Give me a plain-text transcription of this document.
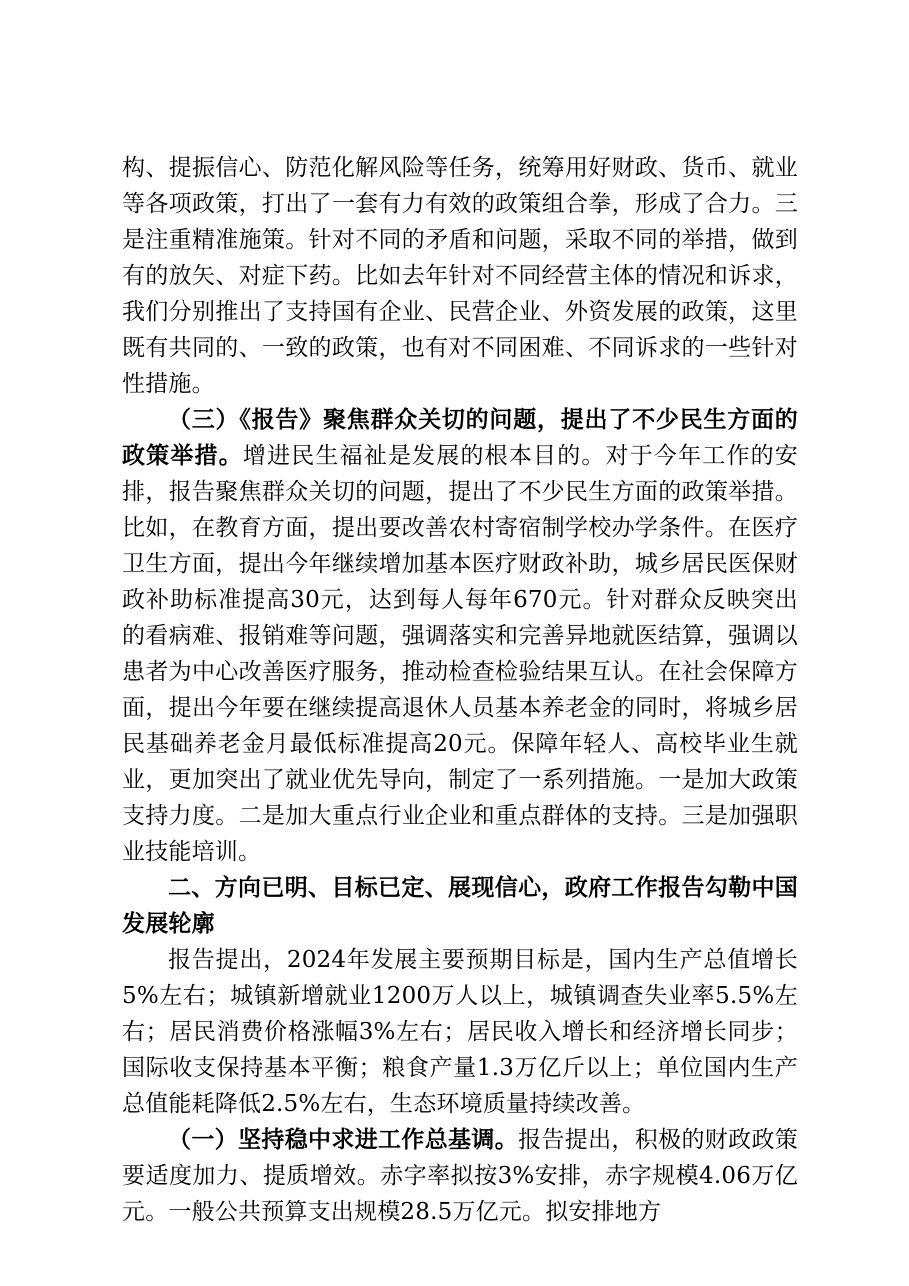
构、提振信心、防范化解风险等任务，统筹用好财政、货币、就业等各项政策，打出了一套有力有效的政策组合拳，形成了合力。三是注重精准施策。针对不同的矛盾和问题，采取不同的举措，做到有的放矢、对症下药。比如去年针对不同经营主体的情况和诉求，我们分别推出了支持国有企业、民营企业、外资发展的政策，这里既有共同的、一致的政策，也有对不同困难、不同诉求的一些针对性措施。

（三）《报告》聚焦群众关切的问题，提出了不少民生方面的政策举措。增进民生福祉是发展的根本目的。对于今年工作的安排，报告聚焦群众关切的问题，提出了不少民生方面的政策举措。比如，在教育方面，提出要改善农村寄宿制学校办学条件。在医疗卫生方面，提出今年继续增加基本医疗财政补助，城乡居民医保财政补助标准提高30元，达到每人每年670元。针对群众反映突出的看病难、报销难等问题，强调落实和完善异地就医结算，强调以患者为中心改善医疗服务，推动检查检验结果互认。在社会保障方面，提出今年要在继续提高退休人员基本养老金的同时，将城乡居民基础养老金月最低标准提高20元。保障年轻人、高校毕业生就业，更加突出了就业优先导向，制定了一系列措施。一是加大政策支持力度。二是加大重点行业企业和重点群体的支持。三是加强职业技能培训。

二、方向已明、目标已定、展现信心，政府工作报告勾勒中国发展轮廓

报告提出，2024年发展主要预期目标是，国内生产总值增长5%左右；城镇新增就业1200万人以上，城镇调查失业率5.5%左右；居民消费价格涨幅3%左右；居民收入增长和经济增长同步；国际收支保持基本平衡；粮食产量1.3万亿斤以上；单位国内生产总值能耗降低2.5%左右，生态环境质量持续改善。

（一）坚持稳中求进工作总基调。报告提出，积极的财政政策要适度加力、提质增效。赤字率拟按3%安排，赤字规模4.06万亿元。一般公共预算支出规模28.5万亿元。拟安排地方
